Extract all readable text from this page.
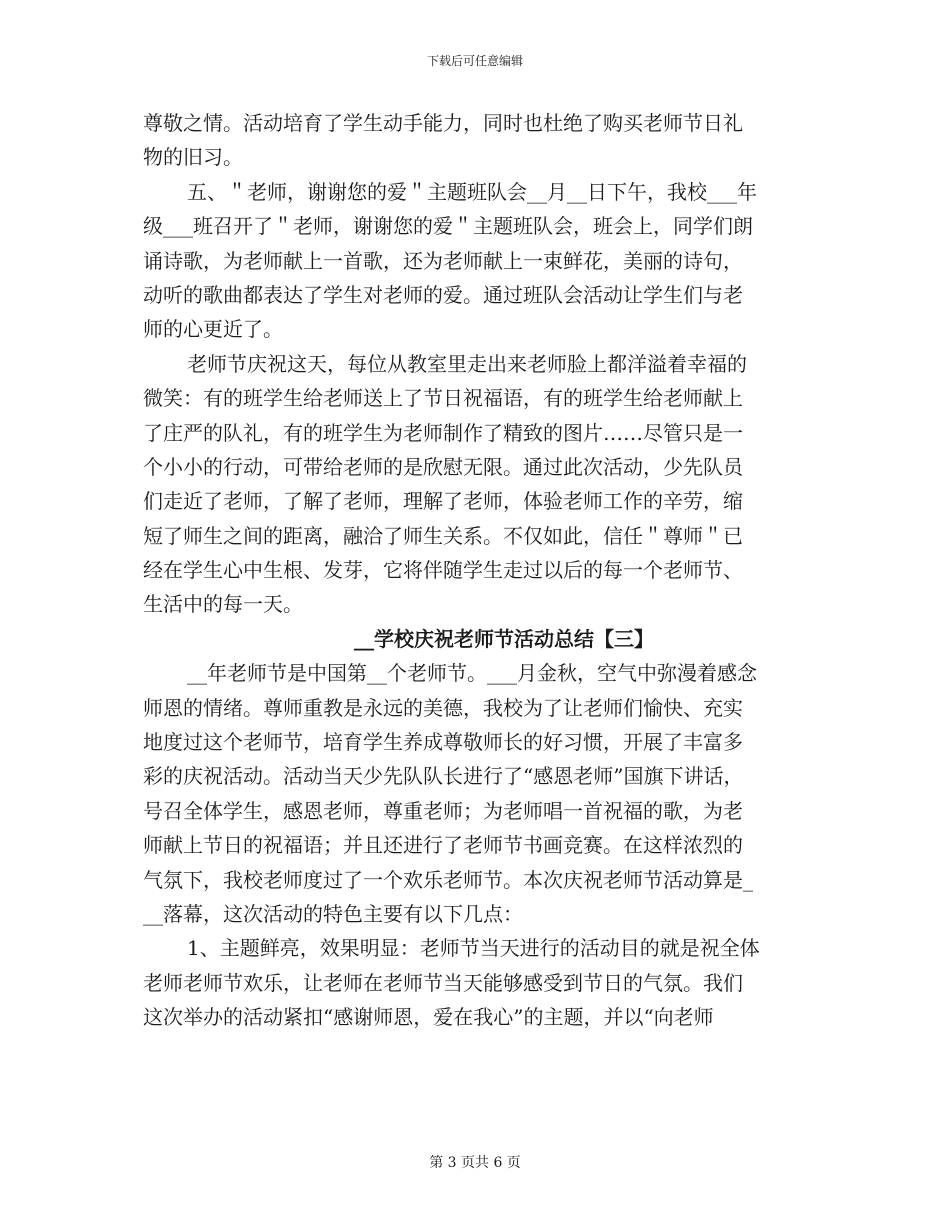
下载后可任意编辑
尊敬之情。活动培育了学生动手能力，同时也杜绝了购买老师节日礼
物的旧习。
五、＂老师，谢谢您的爱＂主题班队会__月__日下午，我校___年
级___班召开了＂老师，谢谢您的爱＂主题班队会，班会上，同学们朗
诵诗歌，为老师献上一首歌，还为老师献上一束鲜花，美丽的诗句，
动听的歌曲都表达了学生对老师的爱。通过班队会活动让学生们与老
师的心更近了。
老师节庆祝这天，每位从教室里走出来老师脸上都洋溢着幸福的
微笑：有的班学生给老师送上了节日祝福语，有的班学生给老师献上
了庄严的队礼，有的班学生为老师制作了精致的图片……尽管只是一
个小小的行动，可带给老师的是欣慰无限。通过此次活动，少先队员
们走近了老师，了解了老师，理解了老师，体验老师工作的辛劳，缩
短了师生之间的距离，融洽了师生关系。不仅如此，信任＂尊师＂已
经在学生心中生根、发芽，它将伴随学生走过以后的每一个老师节、
生活中的每一天。
__学校庆祝老师节活动总结【三】
__年老师节是中国第__个老师节。___月金秋，空气中弥漫着感念
师恩的情绪。尊师重教是永远的美德，我校为了让老师们愉快、充实
地度过这个老师节，培育学生养成尊敬师长的好习惯，开展了丰富多
彩的庆祝活动。活动当天少先队队长进行了“感恩老师”国旗下讲话，
号召全体学生，感恩老师，尊重老师；为老师唱一首祝福的歌，为老
师献上节日的祝福语；并且还进行了老师节书画竞赛。在这样浓烈的
气氛下，我校老师度过了一个欢乐老师节。本次庆祝老师节活动算是_
__落幕，这次活动的特色主要有以下几点：
1、主题鲜亮，效果明显：老师节当天进行的活动目的就是祝全体
老师老师节欢乐，让老师在老师节当天能够感受到节日的气氛。我们
这次举办的活动紧扣“感谢师恩，爱在我心”的主题，并以“向老师
第 3 页共 6 页
